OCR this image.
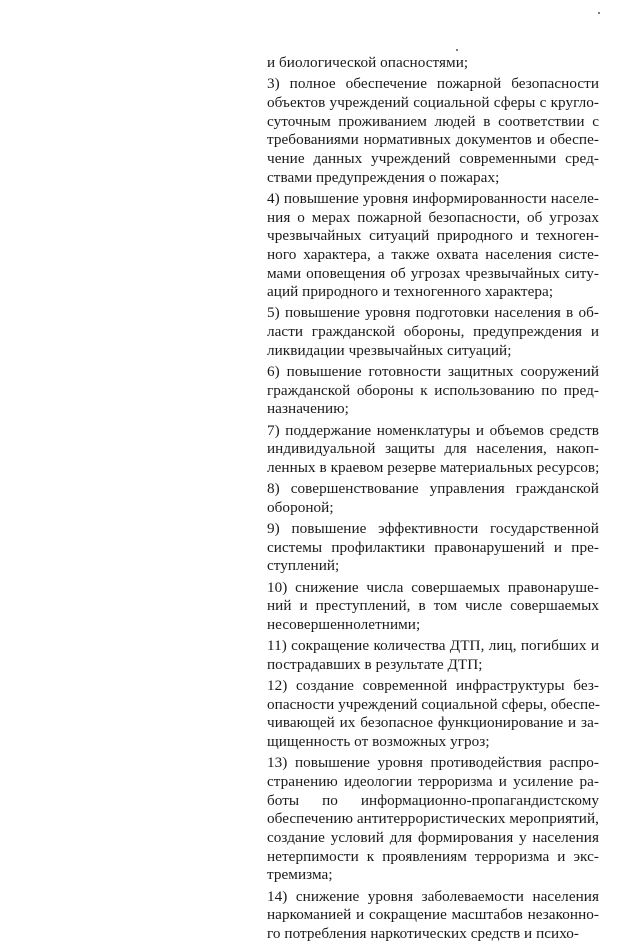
и биологической опасностями;
3) полное обеспечение пожарной безопасности
объектов учреждений социальной сферы с кругло-
суточным проживанием людей в соответствии с
требованиями нормативных документов и обеспе-
чение данных учреждений современными сред-
ствами предупреждения о пожарах;
4) повышение уровня информированности населе-
ния о мерах пожарной безопасности, об угрозах
чрезвычайных ситуаций природного и техноген-
ного характера, а также охвата населения систе-
мами оповещения об угрозах чрезвычайных ситу-
аций природного и техногенного характера;
5) повышение уровня подготовки населения в об-
ласти гражданской обороны, предупреждения и
ликвидации чрезвычайных ситуаций;
6) повышение готовности защитных сооружений
гражданской обороны к использованию по пред-
назначению;
7) поддержание номенклатуры и объемов средств
индивидуальной защиты для населения, накоп-
ленных в краевом резерве материальных ресурсов;
8) совершенствование управления гражданской
обороной;
9) повышение эффективности государственной
системы профилактики правонарушений и пре-
ступлений;
10) снижение числа совершаемых правонаруше-
ний и преступлений, в том числе совершаемых
несовершеннолетними;
11) сокращение количества ДТП, лиц, погибших и
пострадавших в результате ДТП;
12) создание современной инфраструктуры без-
опасности учреждений социальной сферы, обеспе-
чивающей их безопасное функционирование и за-
щищенность от возможных угроз;
13) повышение уровня противодействия распро-
странению идеологии терроризма и усиление ра-
боты по информационно-пропагандистскому
обеспечению антитеррористических мероприятий,
создание условий для формирования у населения
нетерпимости к проявлениям терроризма и экс-
тремизма;
14) снижение уровня заболеваемости населения
наркоманией и сокращение масштабов незаконно-
го потребления наркотических средств и психо-
